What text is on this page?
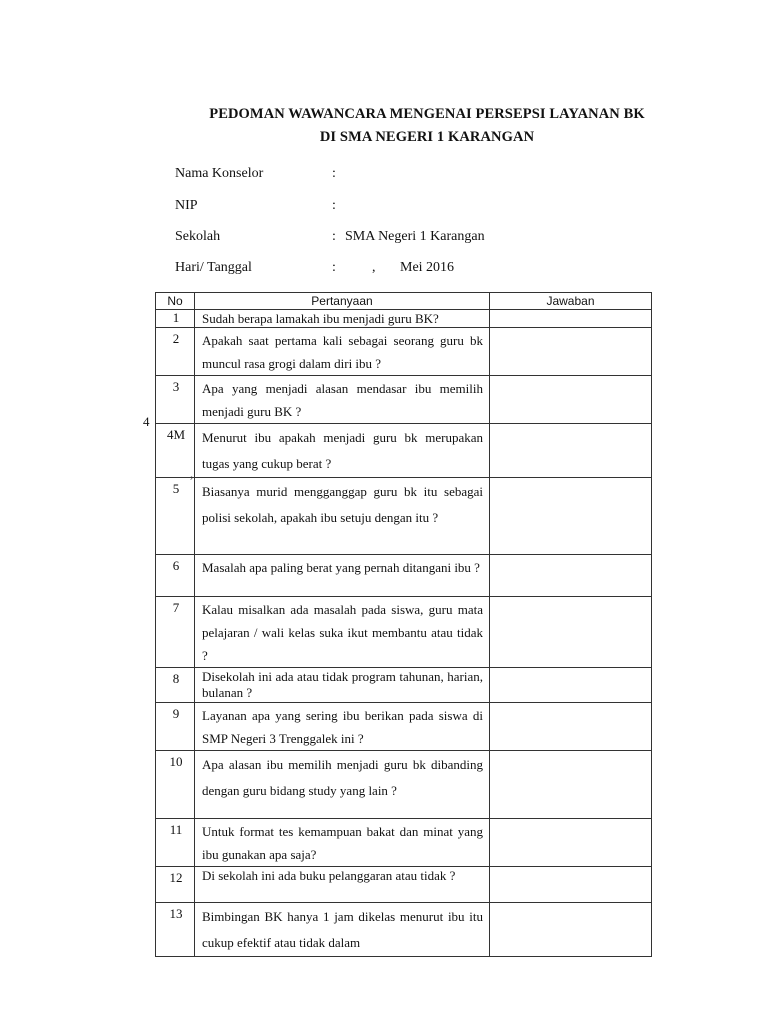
PEDOMAN WAWANCARA MENGENAI PERSEPSI LAYANAN BK
DI SMA NEGERI 1 KARANGAN
Nama Konselor	:
NIP	:
Sekolah	: SMA Negeri 1 Karangan
Hari/ Tanggal	:	, Mei 2016
4
,
No	Pertanyaan	Jawaban

1	Sudah berapa lamakah ibu menjadi guru BK?	

2	Apakah saat pertama kali sebagai seorang guru bk muncul rasa grogi dalam diri ibu ?	

3	Apa yang menjadi alasan mendasar ibu memilih menjadi guru BK ?	

4M	Menurut ibu apakah menjadi guru bk merupakan tugas yang cukup berat ?	

5	Biasanya murid mengganggap guru bk itu sebagai polisi sekolah, apakah ibu setuju dengan itu ?	

6	Masalah apa paling berat yang pernah ditangani ibu ?	

7	Kalau misalkan ada masalah pada siswa, guru mata pelajaran / wali kelas suka ikut membantu atau tidak ?	

8	Disekolah ini ada atau tidak program tahunan, harian, bulanan ?	

9	Layanan apa yang sering ibu berikan pada siswa di SMP Negeri 3 Trenggalek ini ?	

10	Apa alasan ibu memilih menjadi guru bk dibanding dengan guru bidang study yang lain ?	

11	Untuk format tes kemampuan bakat dan minat yang ibu gunakan apa saja?	

12	Di sekolah ini ada buku pelanggaran atau tidak ?	

13	Bimbingan BK hanya 1 jam dikelas menurut ibu itu cukup efektif atau tidak dalam	
